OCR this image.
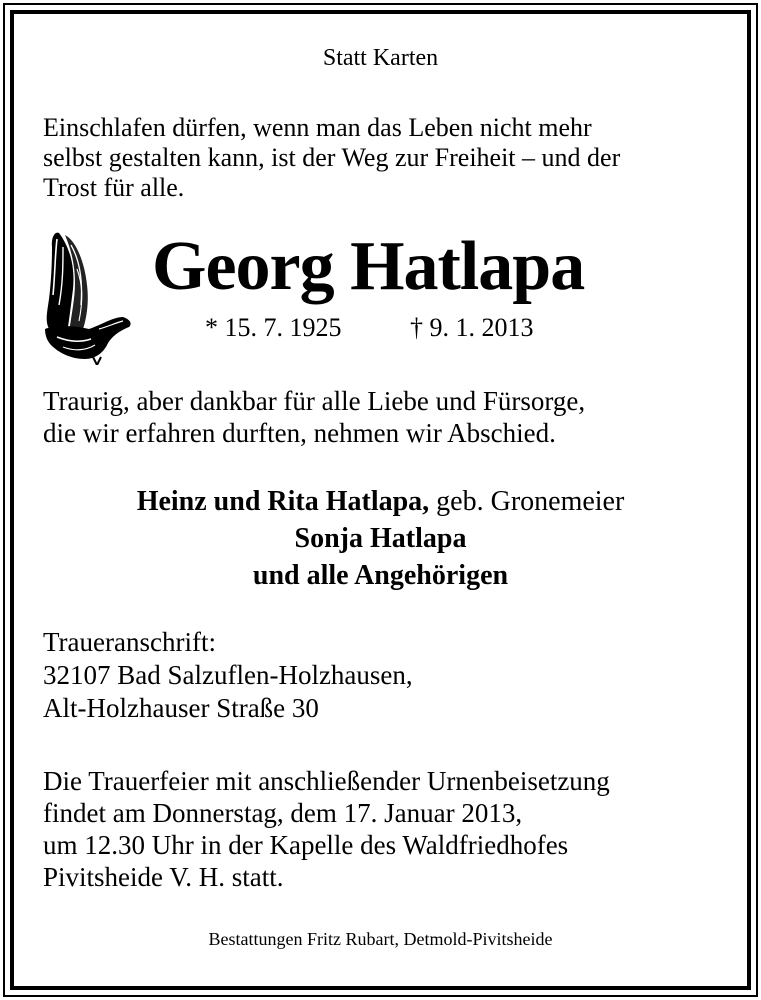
Statt Karten

Einschlafen dürfen, wenn man das Leben nicht mehr
selbst gestalten kann, ist der Weg zur Freiheit – und der
Trost für alle.

Georg Hatlapa
* 15. 7. 1925	† 9. 1. 2013

Traurig, aber dankbar für alle Liebe und Fürsorge,
die wir erfahren durften, nehmen wir Abschied.

Heinz und Rita Hatlapa, geb. Gronemeier
Sonja Hatlapa
und alle Angehörigen

Traueranschrift:
32107 Bad Salzuflen-Holzhausen,
Alt-Holzhauser Straße 30

Die Trauerfeier mit anschließender Urnenbeisetzung
findet am Donnerstag, dem 17. Januar 2013,
um 12.30 Uhr in der Kapelle des Waldfriedhofes
Pivitsheide V. H. statt.

Bestattungen Fritz Rubart, Detmold-Pivitsheide
